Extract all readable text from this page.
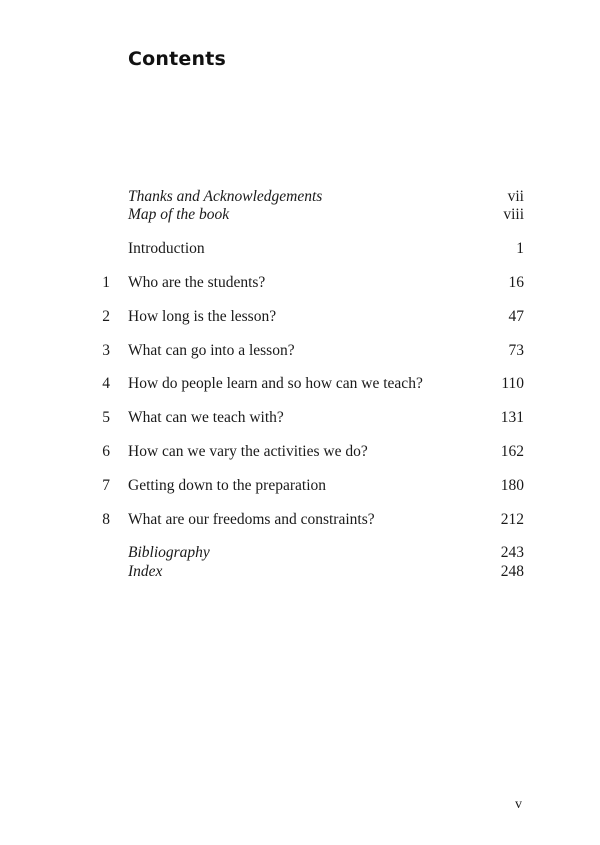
Contents
Thanks and Acknowledgements	vii
Map of the book	viii
Introduction	1
1 Who are the students?	16
2 How long is the lesson?	47
3 What can go into a lesson?	73
4 How do people learn and so how can we teach?	110
5 What can we teach with?	131
6 How can we vary the activities we do?	162
7 Getting down to the preparation	180
8 What are our freedoms and constraints?	212
Bibliography	243
Index	248
v
